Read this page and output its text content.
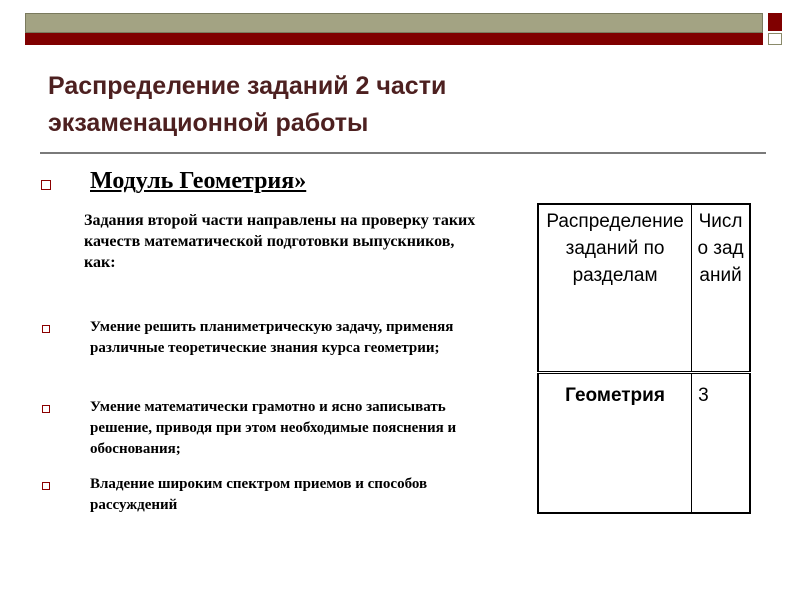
Распределение заданий 2 части
экзаменационной работы
Модуль Геометрия»

Задания второй части направлены на проверку таких качеств математической подготовки выпускников, как:

Умение решить планиметрическую задачу, применяя различные теоретические знания курса геометрии;
Умение математически грамотно и ясно записывать решение, приводя при этом необходимые пояснения и обоснования;
Владение широким спектром приемов и способов рассуждений
Распределение заданий по разделам	Число заданий
Геометрия	3
